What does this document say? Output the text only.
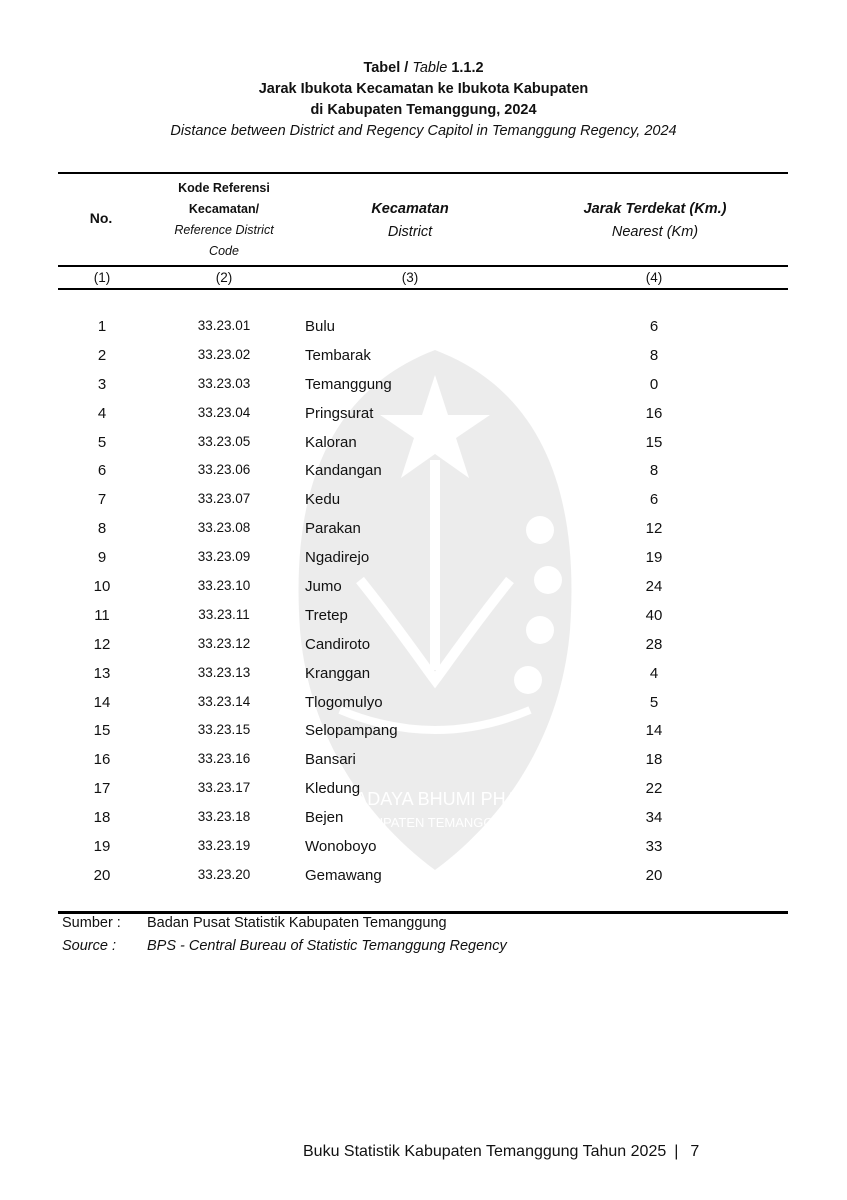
PRADAYA BHUMI PHALA
KABUPATEN TEMANGGUNG
Tabel / Table 1.1.2
Jarak Ibukota Kecamatan ke Ibukota Kabupaten
di Kabupaten Temanggung, 2024
Distance between District and Regency Capitol in Temanggung Regency, 2024
No.
Kode Referensi
Kecamatan/
Reference District
Code
Kecamatan
District
Jarak Terdekat (Km.)
Nearest (Km)
(1)	(2)	(3)	(4)
1	33.23.01	Bulu	6
2	33.23.02	Tembarak	8
3	33.23.03	Temanggung	0
4	33.23.04	Pringsurat	16
5	33.23.05	Kaloran	15
6	33.23.06	Kandangan	8
7	33.23.07	Kedu	6
8	33.23.08	Parakan	12
9	33.23.09	Ngadirejo	19
10	33.23.10	Jumo	24
11	33.23.11	Tretep	40
12	33.23.12	Candiroto	28
13	33.23.13	Kranggan	4
14	33.23.14	Tlogomulyo	5
15	33.23.15	Selopampang	14
16	33.23.16	Bansari	18
17	33.23.17	Kledung	22
18	33.23.18	Bejen	34
19	33.23.19	Wonoboyo	33
20	33.23.20	Gemawang	20
Sumber :	Badan Pusat Statistik Kabupaten Temanggung
Source :	BPS - Central Bureau of Statistic Temanggung Regency
Buku Statistik Kabupaten Temanggung Tahun 2025 | 7
